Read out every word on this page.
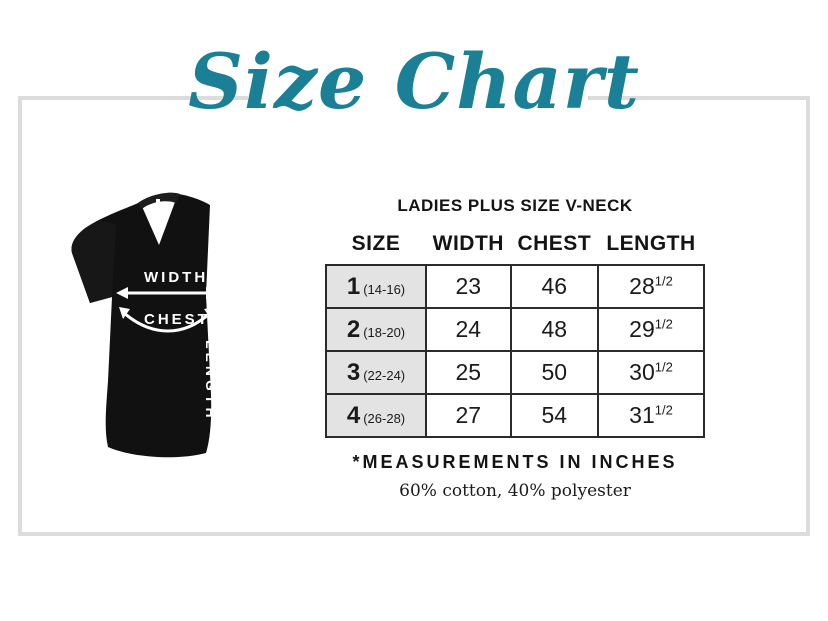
Size Chart
WIDTH
CHEST
LENGTH
LADIES PLUS SIZE V-NECK
SIZE	WIDTH	CHEST	LENGTH
1 (14-16)	23	46	$28^{1/2}$
2 (18-20)	24	48	$29^{1/2}$
3 (22-24)	25	50	$30^{1/2}$
4 (26-28)	27	54	$31^{1/2}$
*MEASUREMENTS IN INCHES
60% cotton, 40% polyester
